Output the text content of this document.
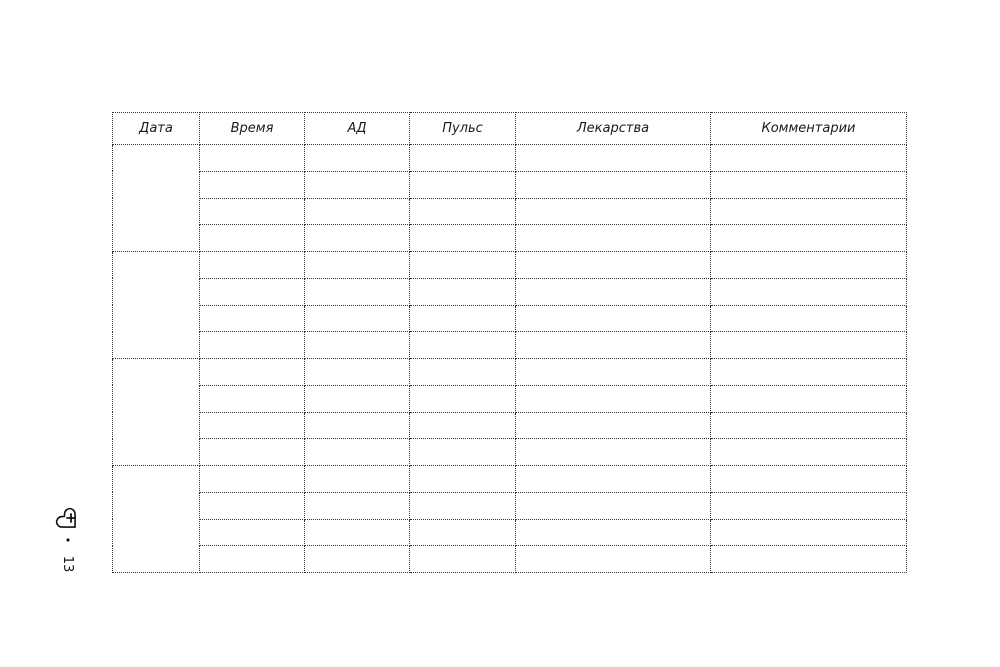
Дата	Время	АД	Пульс	Лекарства	Комментарии

13
